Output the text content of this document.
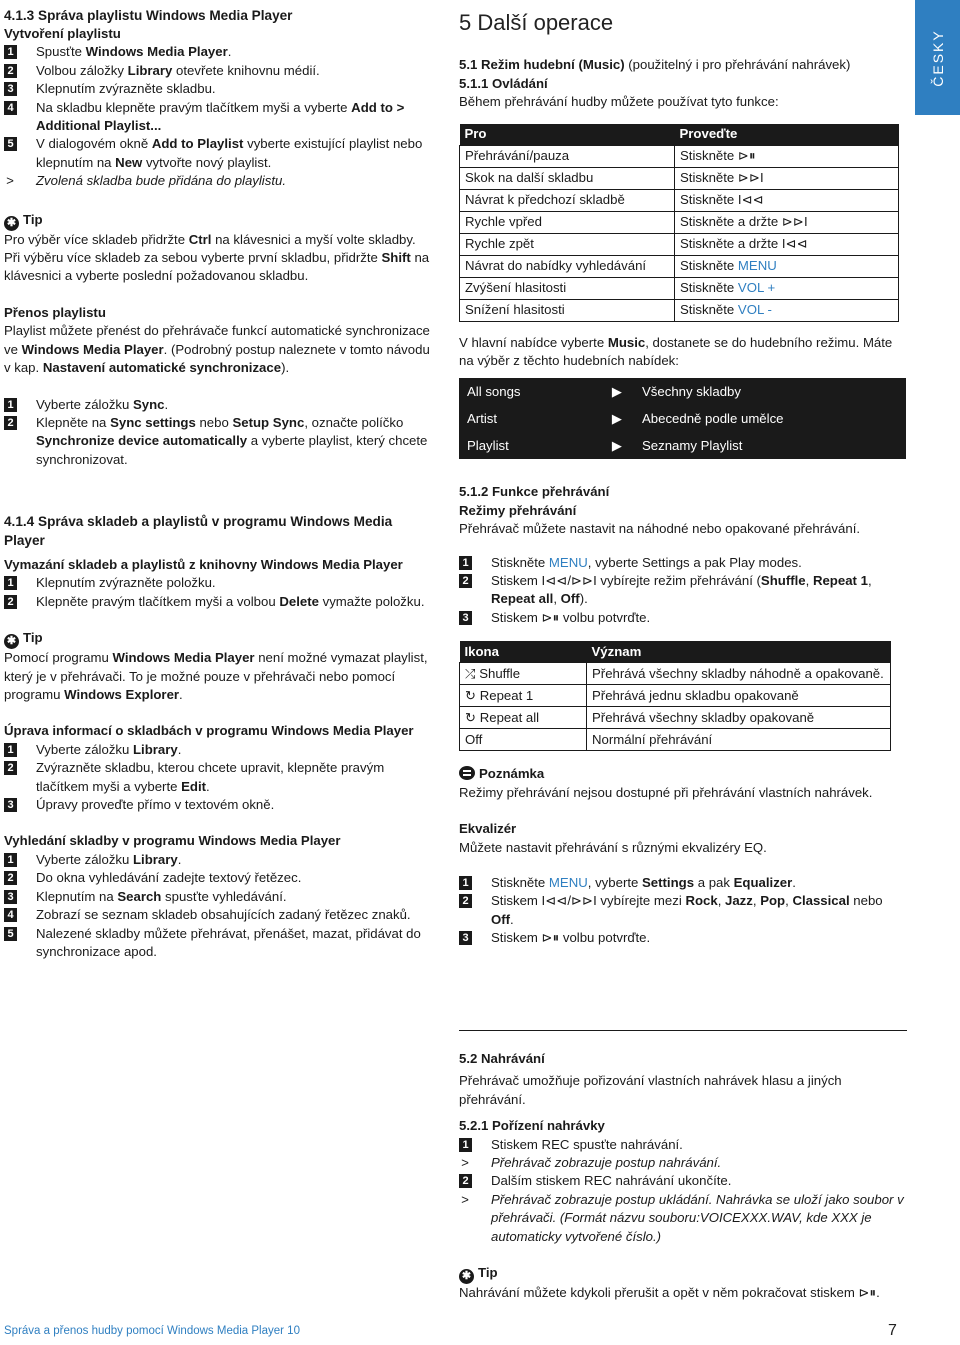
ČESKY
4.1.3 Správa playlistu Windows Media Player
Vytvoření playlistu
1 Spusťte Windows Media Player.
2 Volbou záložky Library otevřete knihovnu médií.
3 Klepnutím zvýrazněte skladbu.
4 Na skladbu klepněte pravým tlačítkem myši a vyberte Add to > Additional Playlist...
5 V dialogovém okně Add to Playlist vyberte existující playlist nebo klepnutím na New vytvořte nový playlist.
> Zvolená skladba bude přidána do playlistu.
✱ Tip
Pro výběr více skladeb přidržte Ctrl na klávesnici a myší volte skladby.
Při výběru více skladeb za sebou vyberte první skladbu, přidržte Shift na klávesnici a vyberte poslední požadovanou skladbu.
Přenos playlistu
Playlist můžete přenést do přehrávače funkcí automatické synchronizace ve Windows Media Player. (Podrobný postup naleznete v tomto návodu v kap. Nastavení automatické synchronizace).
1 Vyberte záložku Sync.
2 Klepněte na Sync settings nebo Setup Sync, označte políčko Synchronize device automatically a vyberte playlist, který chcete synchronizovat.
4.1.4 Správa skladeb a playlistů v programu Windows Media Player
Vymazání skladeb a playlistů z knihovny Windows Media Player
1 Klepnutím zvýrazněte položku.
2 Klepněte pravým tlačítkem myši a volbou Delete vymažte položku.
✱ Tip
Pomocí programu Windows Media Player není možné vymazat playlist, který je v přehrávači. To je možné pouze v přehrávači nebo pomocí programu Windows Explorer.
Úprava informací o skladbách v programu Windows Media Player
1 Vyberte záložku Library.
2 Zvýrazněte skladbu, kterou chcete upravit, klepněte pravým tlačítkem myši a vyberte Edit.
3 Úpravy proveďte přímo v textovém okně.
Vyhledání skladby v programu Windows Media Player
1 Vyberte záložku Library.
2 Do okna vyhledávání zadejte textový řetězec.
3 Klepnutím na Search spusťte vyhledávání.
4 Zobrazí se seznam skladeb obsahujících zadaný řetězec znaků.
5 Nalezené skladby můžete přehrávat, přenášet, mazat, přidávat do synchronizace apod.
5 Další operace
5.1 Režim hudební (Music) (použitelný i pro přehrávání nahrávek)
5.1.1 Ovládání
Během přehrávání hudby můžete používat tyto funkce:
Pro	Proveďte
Přehrávání/pauza	Stiskněte ⊳⏸
Skok na další skladbu	Stiskněte ⊳⊳I
Návrat k předchozí skladbě	Stiskněte I⊲⊲
Rychle vpřed	Stiskněte a držte ⊳⊳I
Rychle zpět	Stiskněte a držte I⊲⊲
Návrat do nabídky vyhledávání	Stiskněte MENU
Zvýšení hlasitosti	Stiskněte VOL +
Snížení hlasitosti	Stiskněte VOL -
V hlavní nabídce vyberte Music, dostanete se do hudebního režimu. Máte na výběr z těchto hudebních nabídek:
All songs	▶	Všechny skladby
Artist	▶	Abecedně podle umělce
Playlist	▶	Seznamy Playlist
5.1.2 Funkce přehrávání
Režimy přehrávání
Přehrávač můžete nastavit na náhodné nebo opakované přehrávání.
1 Stiskněte MENU, vyberte Settings a pak Play modes.
2 Stiskem I⊲⊲/⊳⊳I vybírejte režim přehrávání (Shuffle, Repeat 1, Repeat all, Off).
3 Stiskem ⊳⏸ volbu potvrďte.
Ikona	Význam
⤮ Shuffle	Přehrává všechny skladby náhodně a opakovaně.
↻ Repeat 1	Přehrává jednu skladbu opakovaně
↻ Repeat all	Přehrává všechny skladby opakovaně
Off	Normální přehrávání
Poznámka
Režimy přehrávání nejsou dostupné při přehrávání vlastních nahrávek.
Ekvalizér
Můžete nastavit přehrávání s různými ekvalizéry EQ.
1 Stiskněte MENU, vyberte Settings a pak Equalizer.
2 Stiskem I⊲⊲/⊳⊳I vybírejte mezi Rock, Jazz, Pop, Classical nebo Off.
3 Stiskem ⊳⏸ volbu potvrďte.
5.2 Nahrávání
Přehrávač umožňuje pořizování vlastních nahrávek hlasu a jiných přehrávání.
5.2.1 Pořízení nahrávky
1 Stiskem REC spusťte nahrávání.
> Přehrávač zobrazuje postup nahrávání.
2 Dalším stiskem REC nahrávání ukončíte.
> Přehrávač zobrazuje postup ukládání. Nahrávka se uloží jako soubor v přehrávači. (Formát názvu souboru:VOICEXXX.WAV, kde XXX je automaticky vytvořené číslo.)
✱ Tip
Nahrávání můžete kdykoli přerušit a opět v něm pokračovat stiskem ⊳⏸.
Správa a přenos hudby pomocí Windows Media Player 10	7
